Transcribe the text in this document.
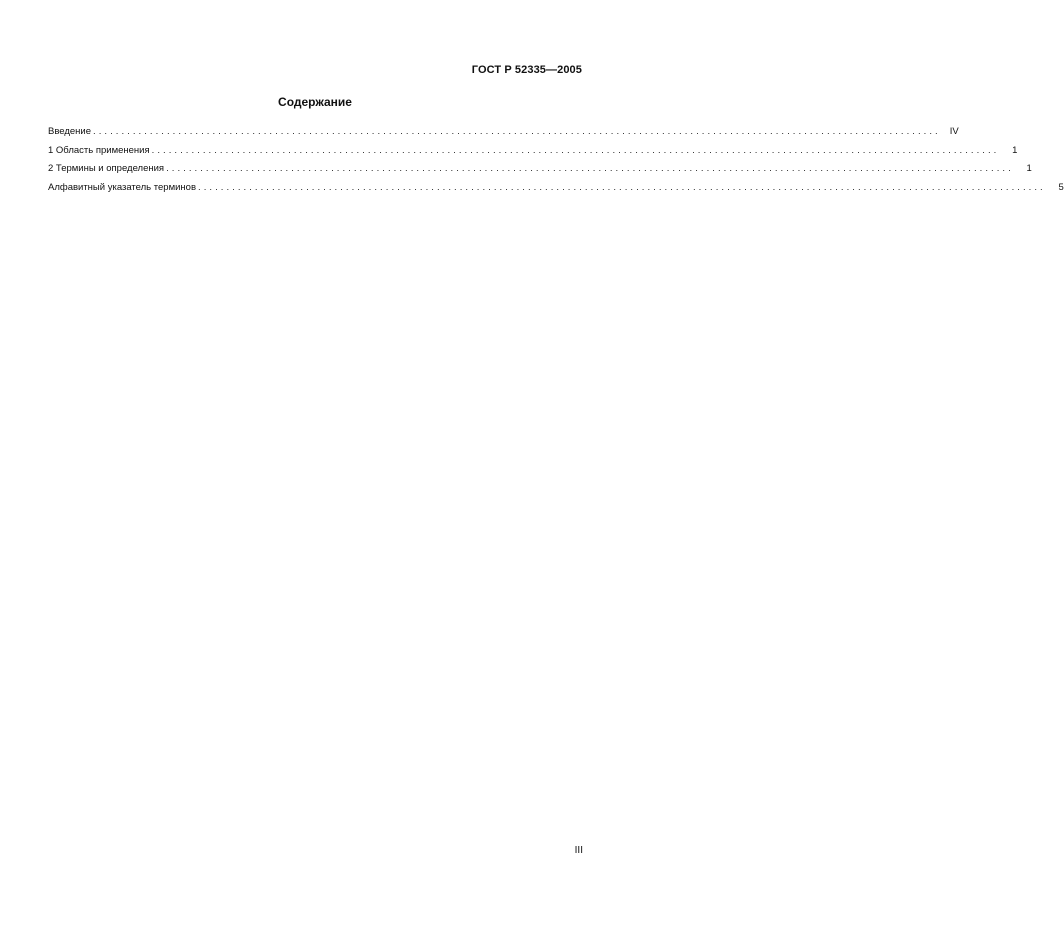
ГОСТ Р 52335—2005
Содержание
Введение ..................................................................................................................................................... IV
1 Область применения .....................................................................................................................................................	1
2 Термины и определения .....................................................................................................................................................	1
Алфавитный указатель терминов .....................................................................................................................................................	5
III
